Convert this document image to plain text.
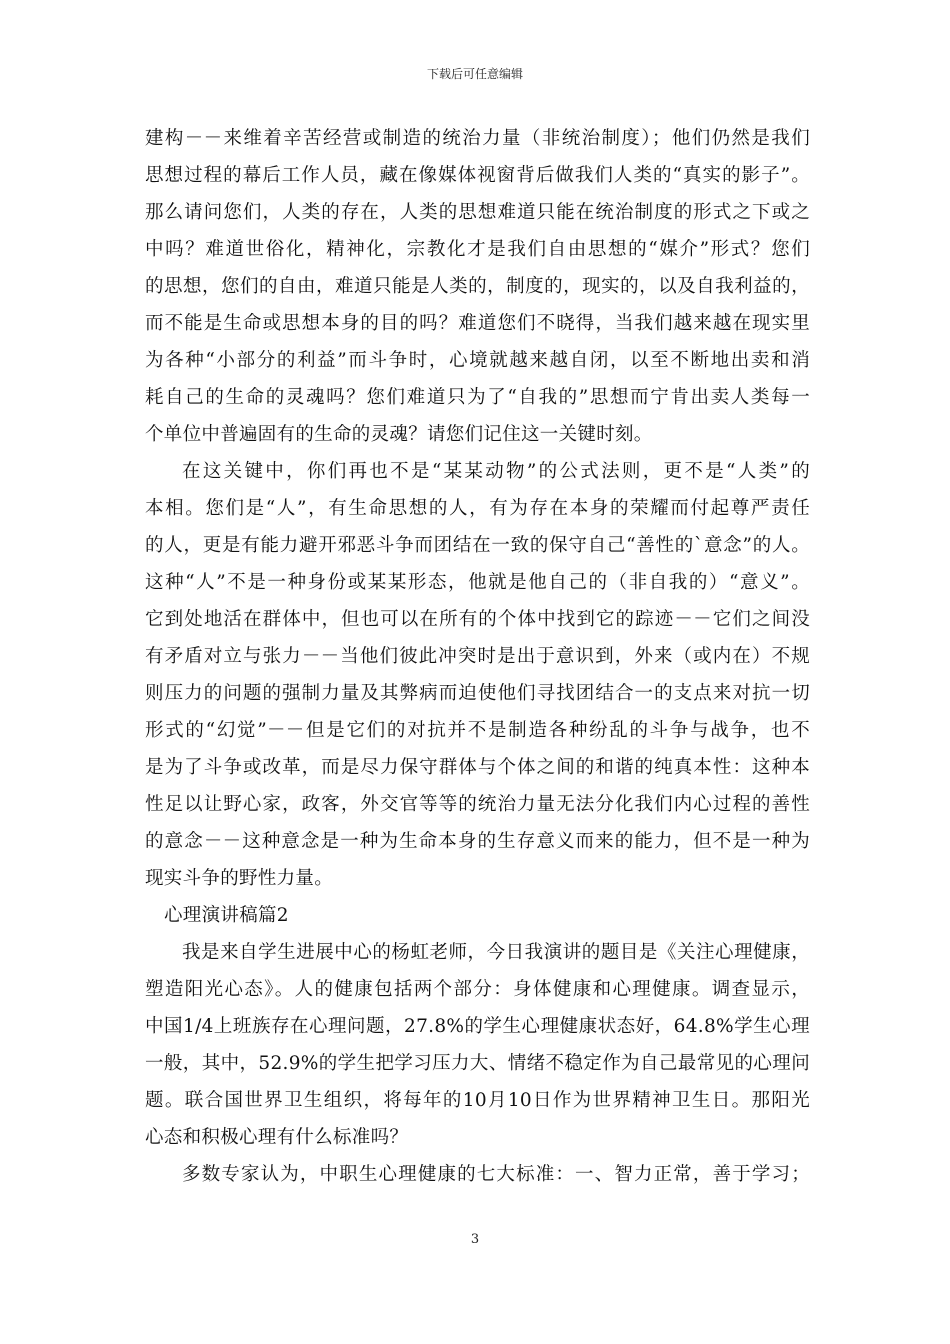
下载后可任意编辑
建构－－来维着辛苦经营或制造的统治力量（非统治制度）；他们仍然是我们
思想过程的幕后工作人员，藏在像媒体视窗背后做我们人类的“真实的影子”。
那么请问您们，人类的存在，人类的思想难道只能在统治制度的形式之下或之
中吗？难道世俗化，精神化，宗教化才是我们自由思想的“媒介”形式？您们
的思想，您们的自由，难道只能是人类的，制度的，现实的，以及自我利益的，
而不能是生命或思想本身的目的吗？难道您们不晓得，当我们越来越在现实里
为各种“小部分的利益”而斗争时，心境就越来越自闭，以至不断地出卖和消
耗自己的生命的灵魂吗？您们难道只为了“自我的”思想而宁肯出卖人类每一
个单位中普遍固有的生命的灵魂？请您们记住这一关键时刻。
在这关键中，你们再也不是“某某动物”的公式法则，更不是“人类”的
本相。您们是“人”，有生命思想的人，有为存在本身的荣耀而付起尊严责任
的人，更是有能力避开邪恶斗争而团结在一致的保守自己“善性的`意念”的人。
这种“人”不是一种身份或某某形态，他就是他自己的（非自我的）“意义”。
它到处地活在群体中，但也可以在所有的个体中找到它的踪迹－－它们之间没
有矛盾对立与张力－－当他们彼此冲突时是出于意识到，外来（或内在）不规
则压力的问题的强制力量及其弊病而迫使他们寻找团结合一的支点来对抗一切
形式的“幻觉”－－但是它们的对抗并不是制造各种纷乱的斗争与战争，也不
是为了斗争或改革，而是尽力保守群体与个体之间的和谐的纯真本性：这种本
性足以让野心家，政客，外交官等等的统治力量无法分化我们内心过程的善性
的意念－－这种意念是一种为生命本身的生存意义而来的能力，但不是一种为
现实斗争的野性力量。
心理演讲稿篇2
我是来自学生进展中心的杨虹老师，今日我演讲的题目是《关注心理健康，
塑造阳光心态》。人的健康包括两个部分：身体健康和心理健康。调查显示，
中国1/4上班族存在心理问题，27.8%的学生心理健康状态好，64.8%学生心理
一般，其中，52.9%的学生把学习压力大、情绪不稳定作为自己最常见的心理问
题。联合国世界卫生组织，将每年的10月10日作为世界精神卫生日。那阳光
心态和积极心理有什么标准吗？
多数专家认为，中职生心理健康的七大标准：一、智力正常，善于学习；
3
